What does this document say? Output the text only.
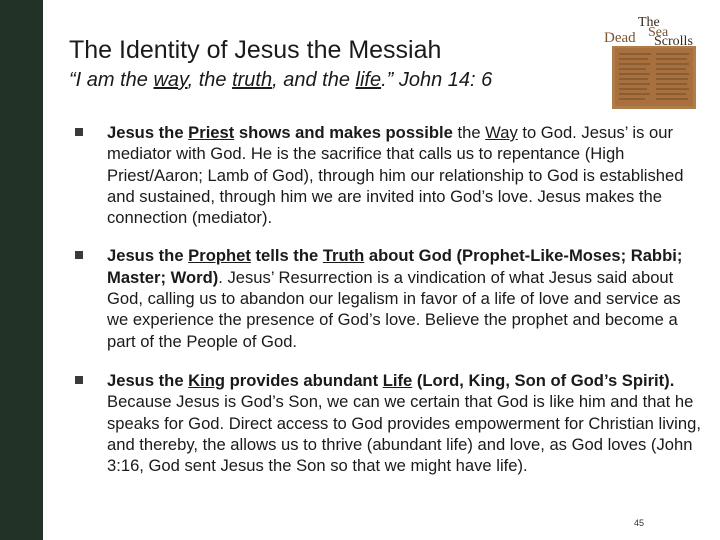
The Identity of Jesus the Messiah

“I am the way, the truth, and the life.” John 14: 6

The
Dead Sea
Scrolls

Jesus the Priest shows and makes possible the Way to God. Jesus’ is our mediator with God. He is the sacrifice that calls us to repentance (High Priest/Aaron; Lamb of God), through him our relationship to God is established and sustained, through him we are invited into God’s love. Jesus makes the connection (mediator).

Jesus the Prophet tells the Truth about God (Prophet-Like-Moses; Rabbi; Master; Word). Jesus’ Resurrection is a vindication of what Jesus said about God, calling us to abandon our legalism in favor of a life of love and service as we experience the presence of God’s love. Believe the prophet and become a part of the People of God.

Jesus the King provides abundant Life (Lord, King, Son of God’s Spirit). Because Jesus is God’s Son, we can we certain that God is like him and that he speaks for God. Direct access to God provides empowerment for Christian living, and thereby, the allows us to thrive (abundant life) and love, as God loves (John 3:16, God sent Jesus the Son so that we might have life).

45
